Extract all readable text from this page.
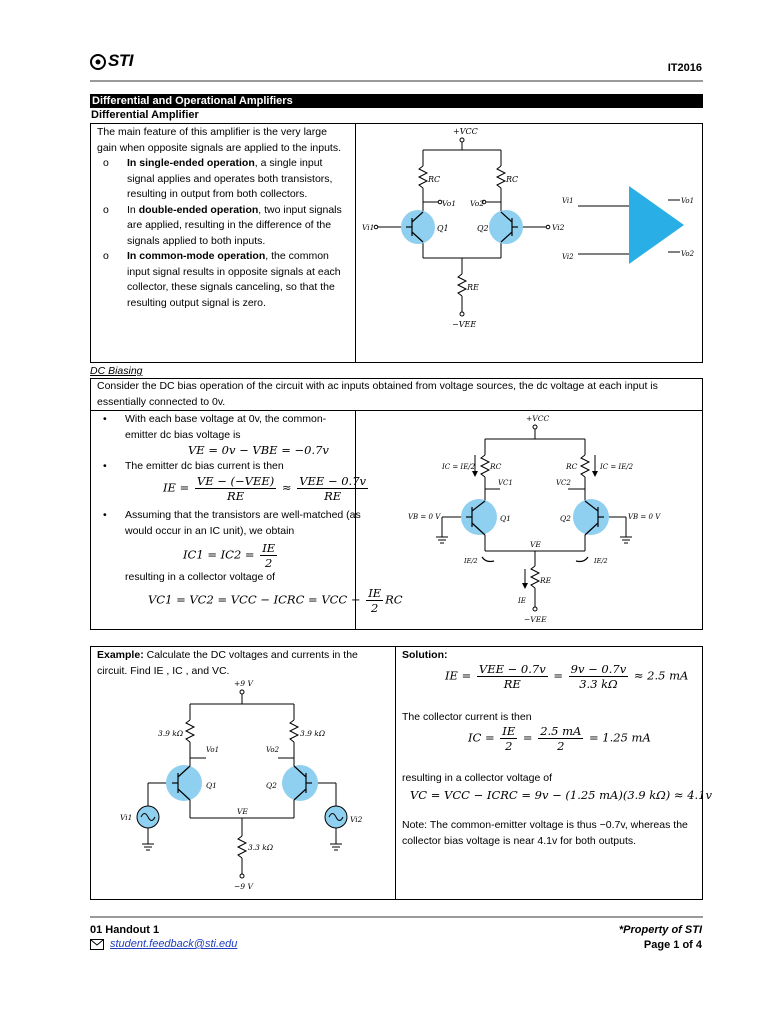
STI	IT2016
Differential and Operational Amplifiers
Differential Amplifier
The main feature of this amplifier is the very large gain when opposite signals are applied to the inputs.
o In single-ended operation, a single input signal applies and operates both transistors, resulting in output from both collectors.
o In double-ended operation, two input signals are applied, resulting in the difference of the signals applied to both inputs.
o In common-mode operation, the common input signal results in opposite signals at each collector, these signals canceling, so that the resulting output signal is zero.
+VCC
RC	RC
Vo1 Vo2
Vi1	Vi2
Q1	Q2
RE
−VEE
Vi1
Vi2
Vo1
Vo2
DC Biasing
Consider the DC bias operation of the circuit with ac inputs obtained from voltage sources, the dc voltage at each input is essentially connected to 0v.
• With each base voltage at 0v, the common-emitter dc bias voltage is
VE = 0v − VBE = −0.7v
• The emitter dc bias current is then
IE = $\frac{\text{VE − (−VEE)}}{RE} \approx \frac{\text{VEE − 0.7v}}{RE}$
• Assuming that the transistors are well-matched (as would occur in an IC unit), we obtain
$IC1 = IC2 = \frac{IE}{2}$
resulting in a collector voltage of
VC1 = VC2 = VCC − ICRC = VCC − $\frac{IE}{2}$ RC
+VCC
IC = IE/2 RC	RC	IC = IE/2
VC1	VC2
VB = 0 V	VB = 0 V
Q1	Q2
VE
IE/2	IE/2
RE
IE
−VEE
Example: Calculate the DC voltages and currents in the circuit. Find IE , IC , and VC.
+9 V
3.9 kΩ	3.9 kΩ
Vo1	Vo2
Q1	Q2
Vi1	Vi2
VE
3.3 kΩ
−9 V
Solution:
IE = $\frac{\text{VEE − 0.7v}}{RE} = \frac{9v - 0.7v}{3.3 k\Omega} \approx 2.5$ mA
The collector current is then
IC = $\frac{IE}{2} = \frac{2.5 mA}{2} = 1.25$ mA
resulting in a collector voltage of
VC = VCC − ICRC = 9v − (1.25 mA)(3.9 kΩ) ≈ 4.1v
Note: The common-emitter voltage is thus −0.7v, whereas the collector bias voltage is near 4.1v for both outputs.
01 Handout 1
student.feedback@sti.edu
*Property of STI
Page 1 of 4
